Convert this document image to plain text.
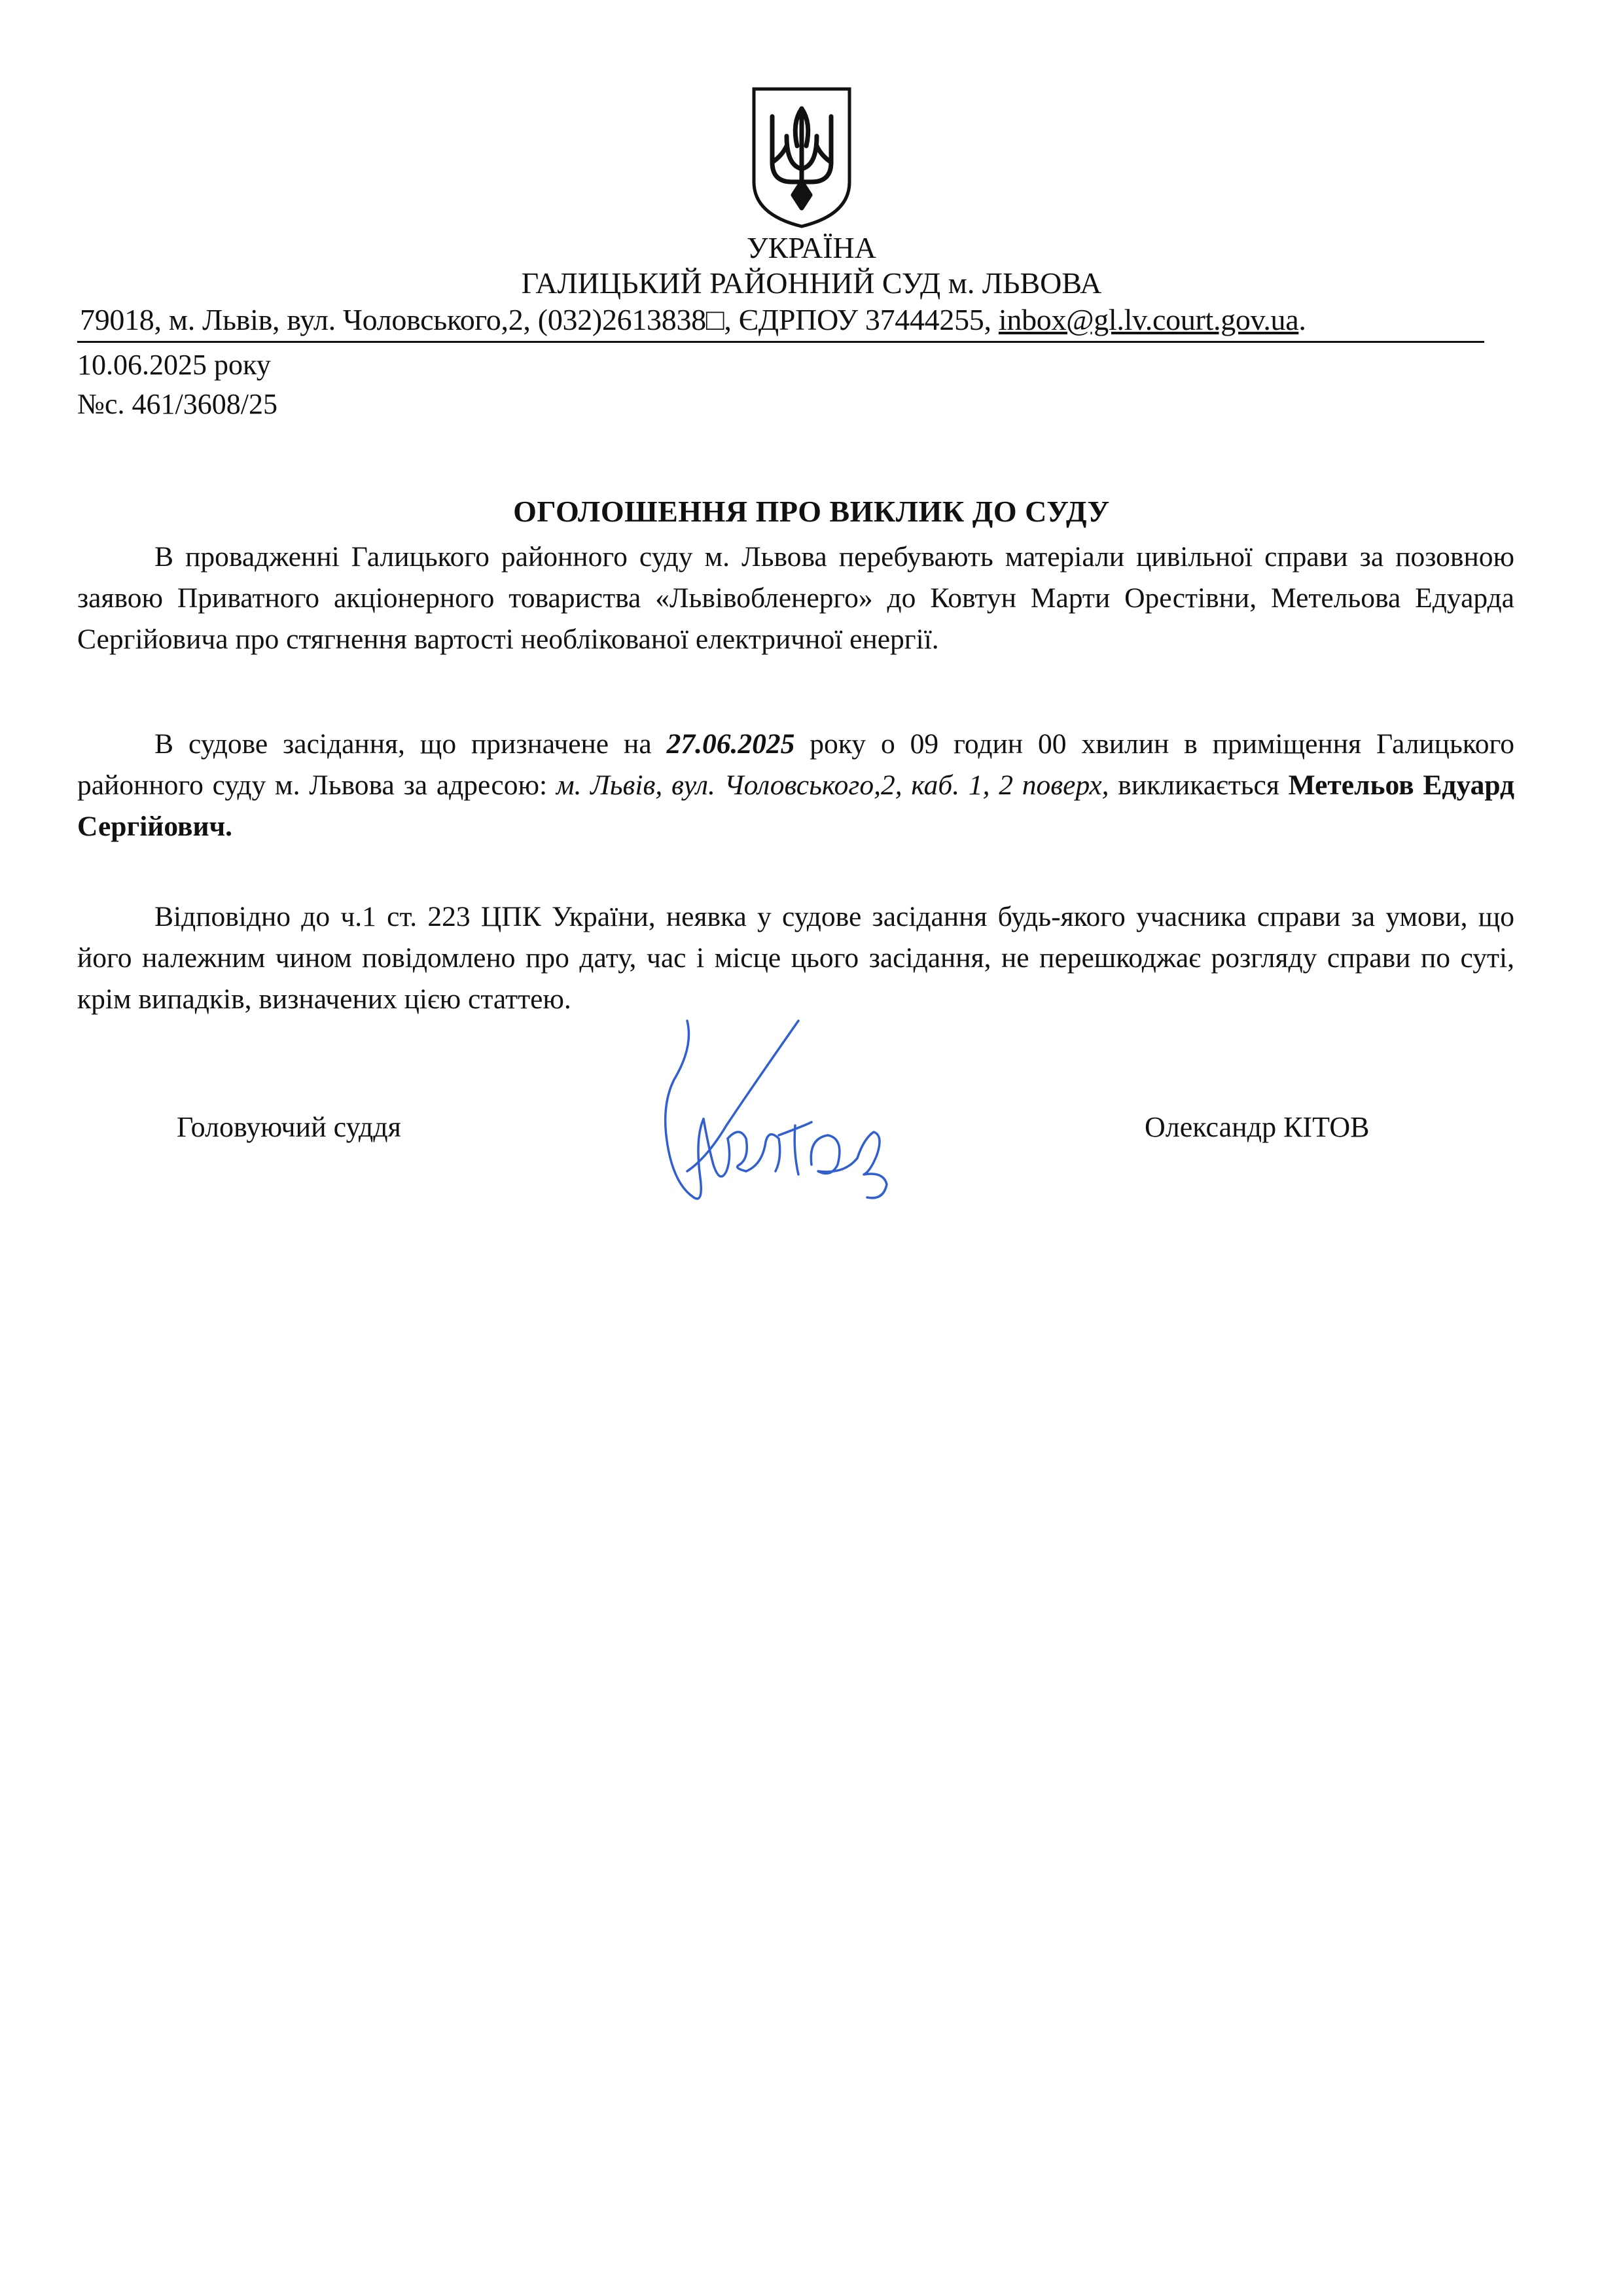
УКРАЇНА
ГАЛИЦЬКИЙ РАЙОННИЙ СУД м. ЛЬВОВА
79018, м. Львів, вул. Чоловського,2, (032)2613838□, ЄДРПОУ 37444255, inbox@gl.lv.court.gov.ua.
10.06.2025 року
№с. 461/3608/25
ОГОЛОШЕННЯ ПРО ВИКЛИК ДО СУДУ

В провадженні Галицького районного суду м. Львова перебувають матеріали цивільної справи за позовною заявою Приватного акціонерного товариства «Львівобленерго» до Ковтун Марти Орестівни, Метельова Едуарда Сергійовича про стягнення вартості необлікованої електричної енергії.

В судове засідання, що призначене на 27.06.2025 року о 09 годин 00 хвилин в приміщення Галицького районного суду м. Львова за адресою: м. Львів, вул. Чоловського,2, каб. 1, 2 поверх, викликається Метельов Едуард Сергійович.

Відповідно до ч.1 ст. 223 ЦПК України, неявка у судове засідання будь-якого учасника справи за умови, що його належним чином повідомлено про дату, час і місце цього засідання, не перешкоджає розгляду справи по суті, крім випадків, визначених цією статтею.

Головуючий суддя	Олександр КІТОВ
